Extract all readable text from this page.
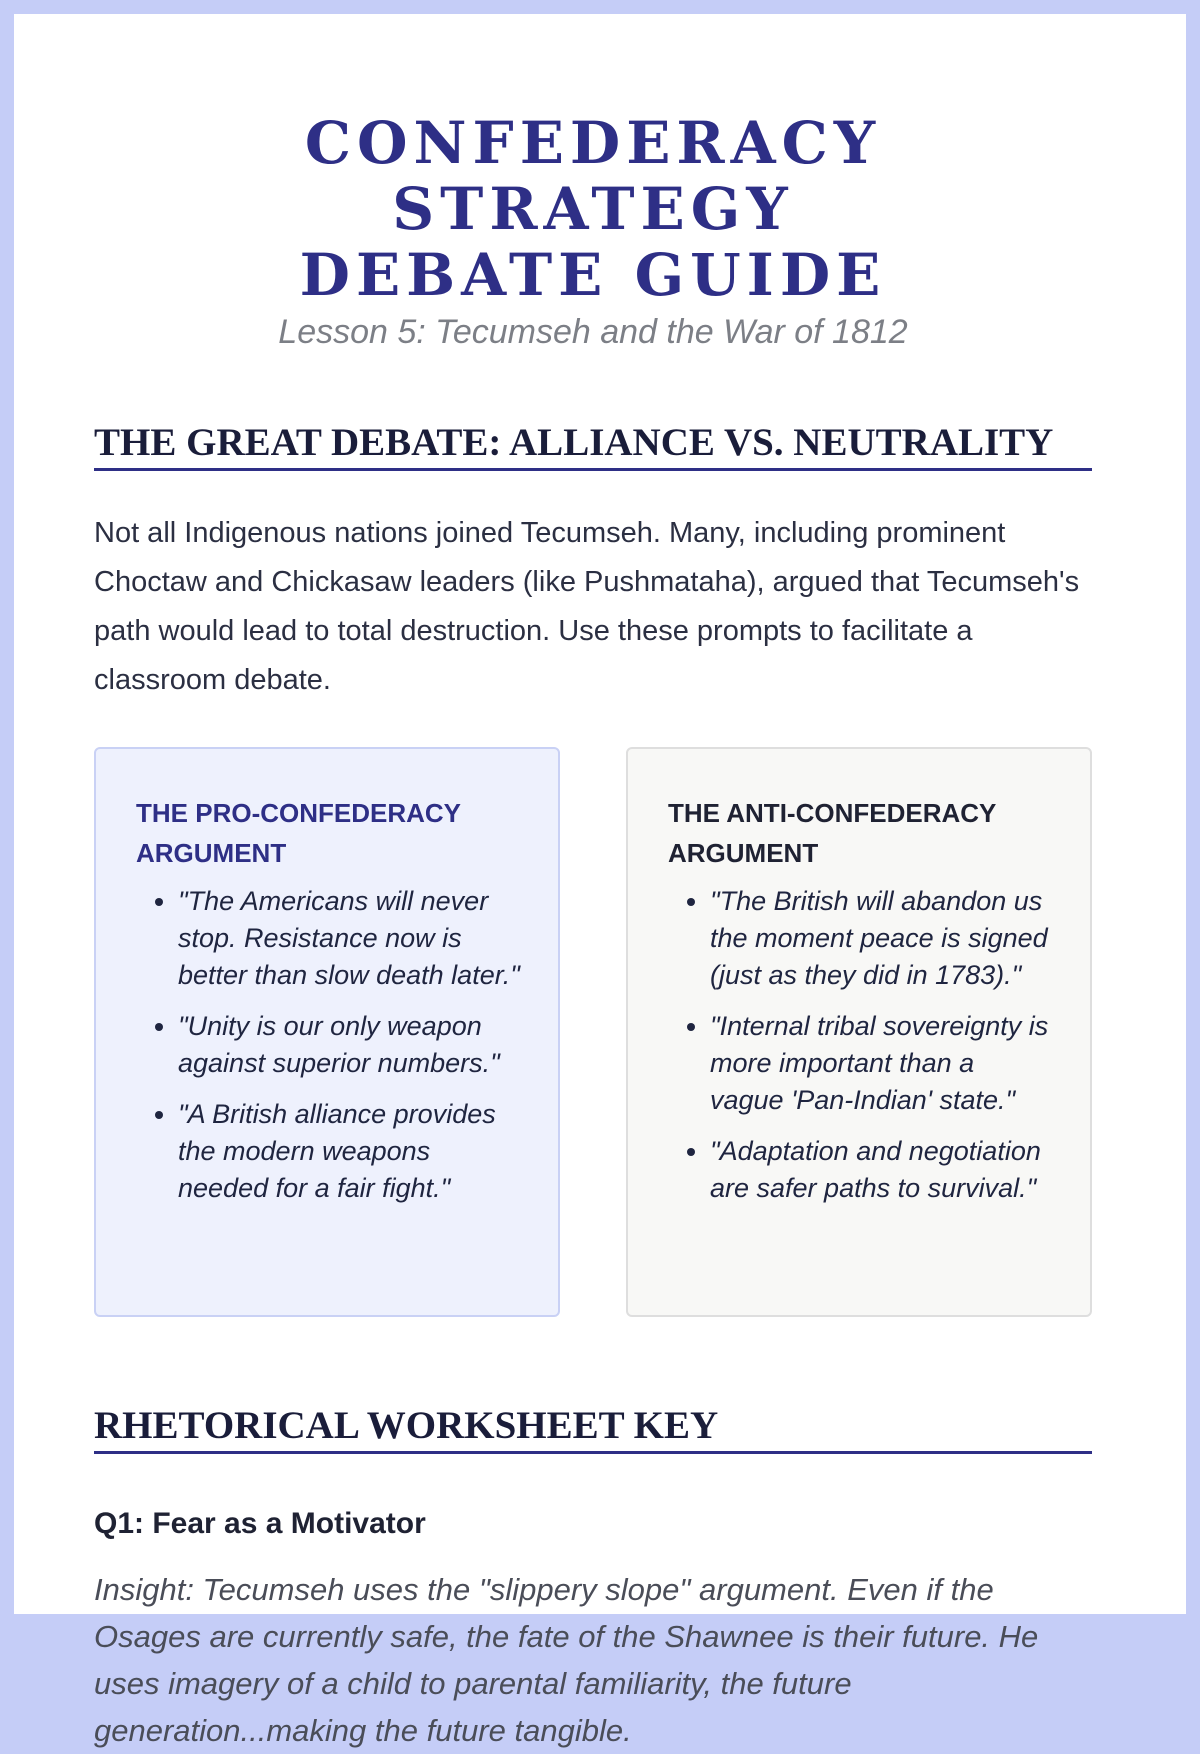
CONFEDERACY STRATEGY
DEBATE GUIDE
Lesson 5: Tecumseh and the War of 1812
THE GREAT DEBATE: ALLIANCE VS. NEUTRALITY

Not all Indigenous nations joined Tecumseh. Many, including prominent Choctaw and Chickasaw leaders (like Pushmataha), argued that Tecumseh's path would lead to total destruction. Use these prompts to facilitate a classroom debate.

THE PRO-CONFEDERACY ARGUMENT
• "The Americans will never stop. Resistance now is better than slow death later."
• "Unity is our only weapon against superior numbers."
• "A British alliance provides the modern weapons needed for a fair fight."
THE ANTI-CONFEDERACY ARGUMENT
• "The British will abandon us the moment peace is signed (just as they did in 1783)."
• "Internal tribal sovereignty is more important than a vague 'Pan-Indian' state."
• "Adaptation and negotiation are safer paths to survival."
RHETORICAL WORKSHEET KEY
Q1: Fear as a Motivator

Insight: Tecumseh uses the "slippery slope" argument. Even if the Osages are currently safe, the fate of the Shawnee is their future. He uses imagery of a child to parental familiarity, the future generation...making the future tangible.
